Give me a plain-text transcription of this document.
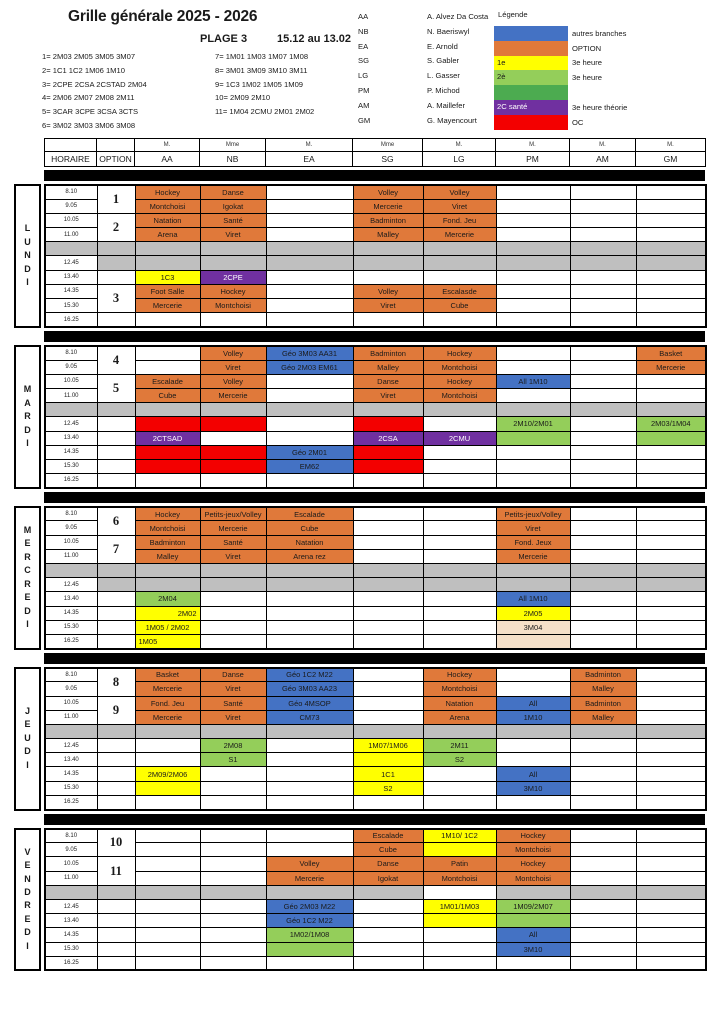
Grille générale 2025 - 2026
PLAGE 3	15.12 au 13.02
1= 2M03 2M05 3M05 3M07
2= 1C1 1C2 1M06 1M10
3= 2CPE 2CSA 2CSTAD 2M04
4= 2M06 2M07 2M08 2M11
5= 3CAR 3CPE 3CSA 3CTS
6= 3M02 3M03 3M06 3M08
7= 1M01 1M03 1M07 1M08
8= 3M01 3M09 3M10 3M11
9= 1C3 1M02 1M05 1M09
10= 2M09 2M10
11= 1M04 2CMU 2M01 2M02
AA	A. Alvez Da Costa
NB	N. Baeriswyl
EA	E. Arnold
SG	S. Gabler
LG	L. Gasser
PM	P. Michod
AM	A. Maillefer
GM	G. Mayencourt
Légende
autres branches
OPTION
1e	3e heure
2è	3e heure
2C santé	3e heure théorie
OC
		M.	Mme	M.	Mme	M.	M.	M.	M.
HORAIRE	OPTION	AA	NB	EA	SG	LG	PM	AM	GM
L
U
N
D
I
8.10	1	Hockey	Danse		Volley	Volley			
9.05		Montchoisi	Igokat		Mercerie	Viret			
10.05	2	Natation	Santé		Badminton	Fond. Jeu			
11.00		Arena	Viret		Malley	Mercerie			

12.45									
13.40		1C3	2CPE						
14.35	3	Foot Salle	Hockey		Volley	Escalasde			
15.30		Mercerie	Montchoisi		Viret	Cube			
16.25									
M
A
R
D
I
8.10	4		Volley	Géo 3M03 AA31	Badminton	Hockey			Basket
9.05			Viret	Géo 2M03 EM61	Malley	Montchoisi			Mercerie
10.05	5	Escalade	Volley		Danse	Hockey	All 1M10		
11.00		Cube	Mercerie		Viret	Montchoisi			

12.45							2M10/2M01		2M03/1M04
13.40		2CTSAD			2CSA	2CMU			
14.35				Géo 2M01					
15.30				EM62					
16.25									
M
E
R
C
R
E
D
I
8.10	6	Hockey	Petits-jeux/Volley	Escalade			Petits-jeux/Volley		
9.05		Montchoisi	Mercerie	Cube			Viret		
10.05	7	Badminton	Santé	Natation			Fond. Jeux		
11.00		Malley	Viret	Arena rez			Mercerie		

12.45									
13.40		2M04					All 1M10		
14.35		2M02					2M05		
15.30		1M05 / 2M02					3M04		
16.25		1M05							
J
E
U
D
I
8.10	8	Basket	Danse	Géo 1C2 M22		Hockey		Badminton	
9.05		Mercerie	Viret	Géo 3M03 AA23		Montchoisi		Malley	
10.05	9	Fond. Jeu	Santé	Géo 4MSOP		Natation	All	Badminton	
11.00		Mercerie	Viret	CM73		Arena	1M10	Malley	

12.45			2M08		1M07/1M06	2M11			
13.40			S1			S2			
14.35		2M09/2M06			1C1		All		
15.30					S2		3M10		
16.25									
V
E
N
D
R
E
D
I
8.10	10				Escalade	1M10/ 1C2	Hockey		
9.05					Cube		Montchoisi		
10.05	11			Volley	Danse	Patin	Hockey		
11.00				Mercerie	Igokat	Montchoisi	Montchoisi		

12.45				Géo 2M03 M22		1M01/1M03	1M09/2M07		
13.40				Géo 1C2 M22					
14.35				1M02/1M08			All		
15.30							3M10		
16.25									
